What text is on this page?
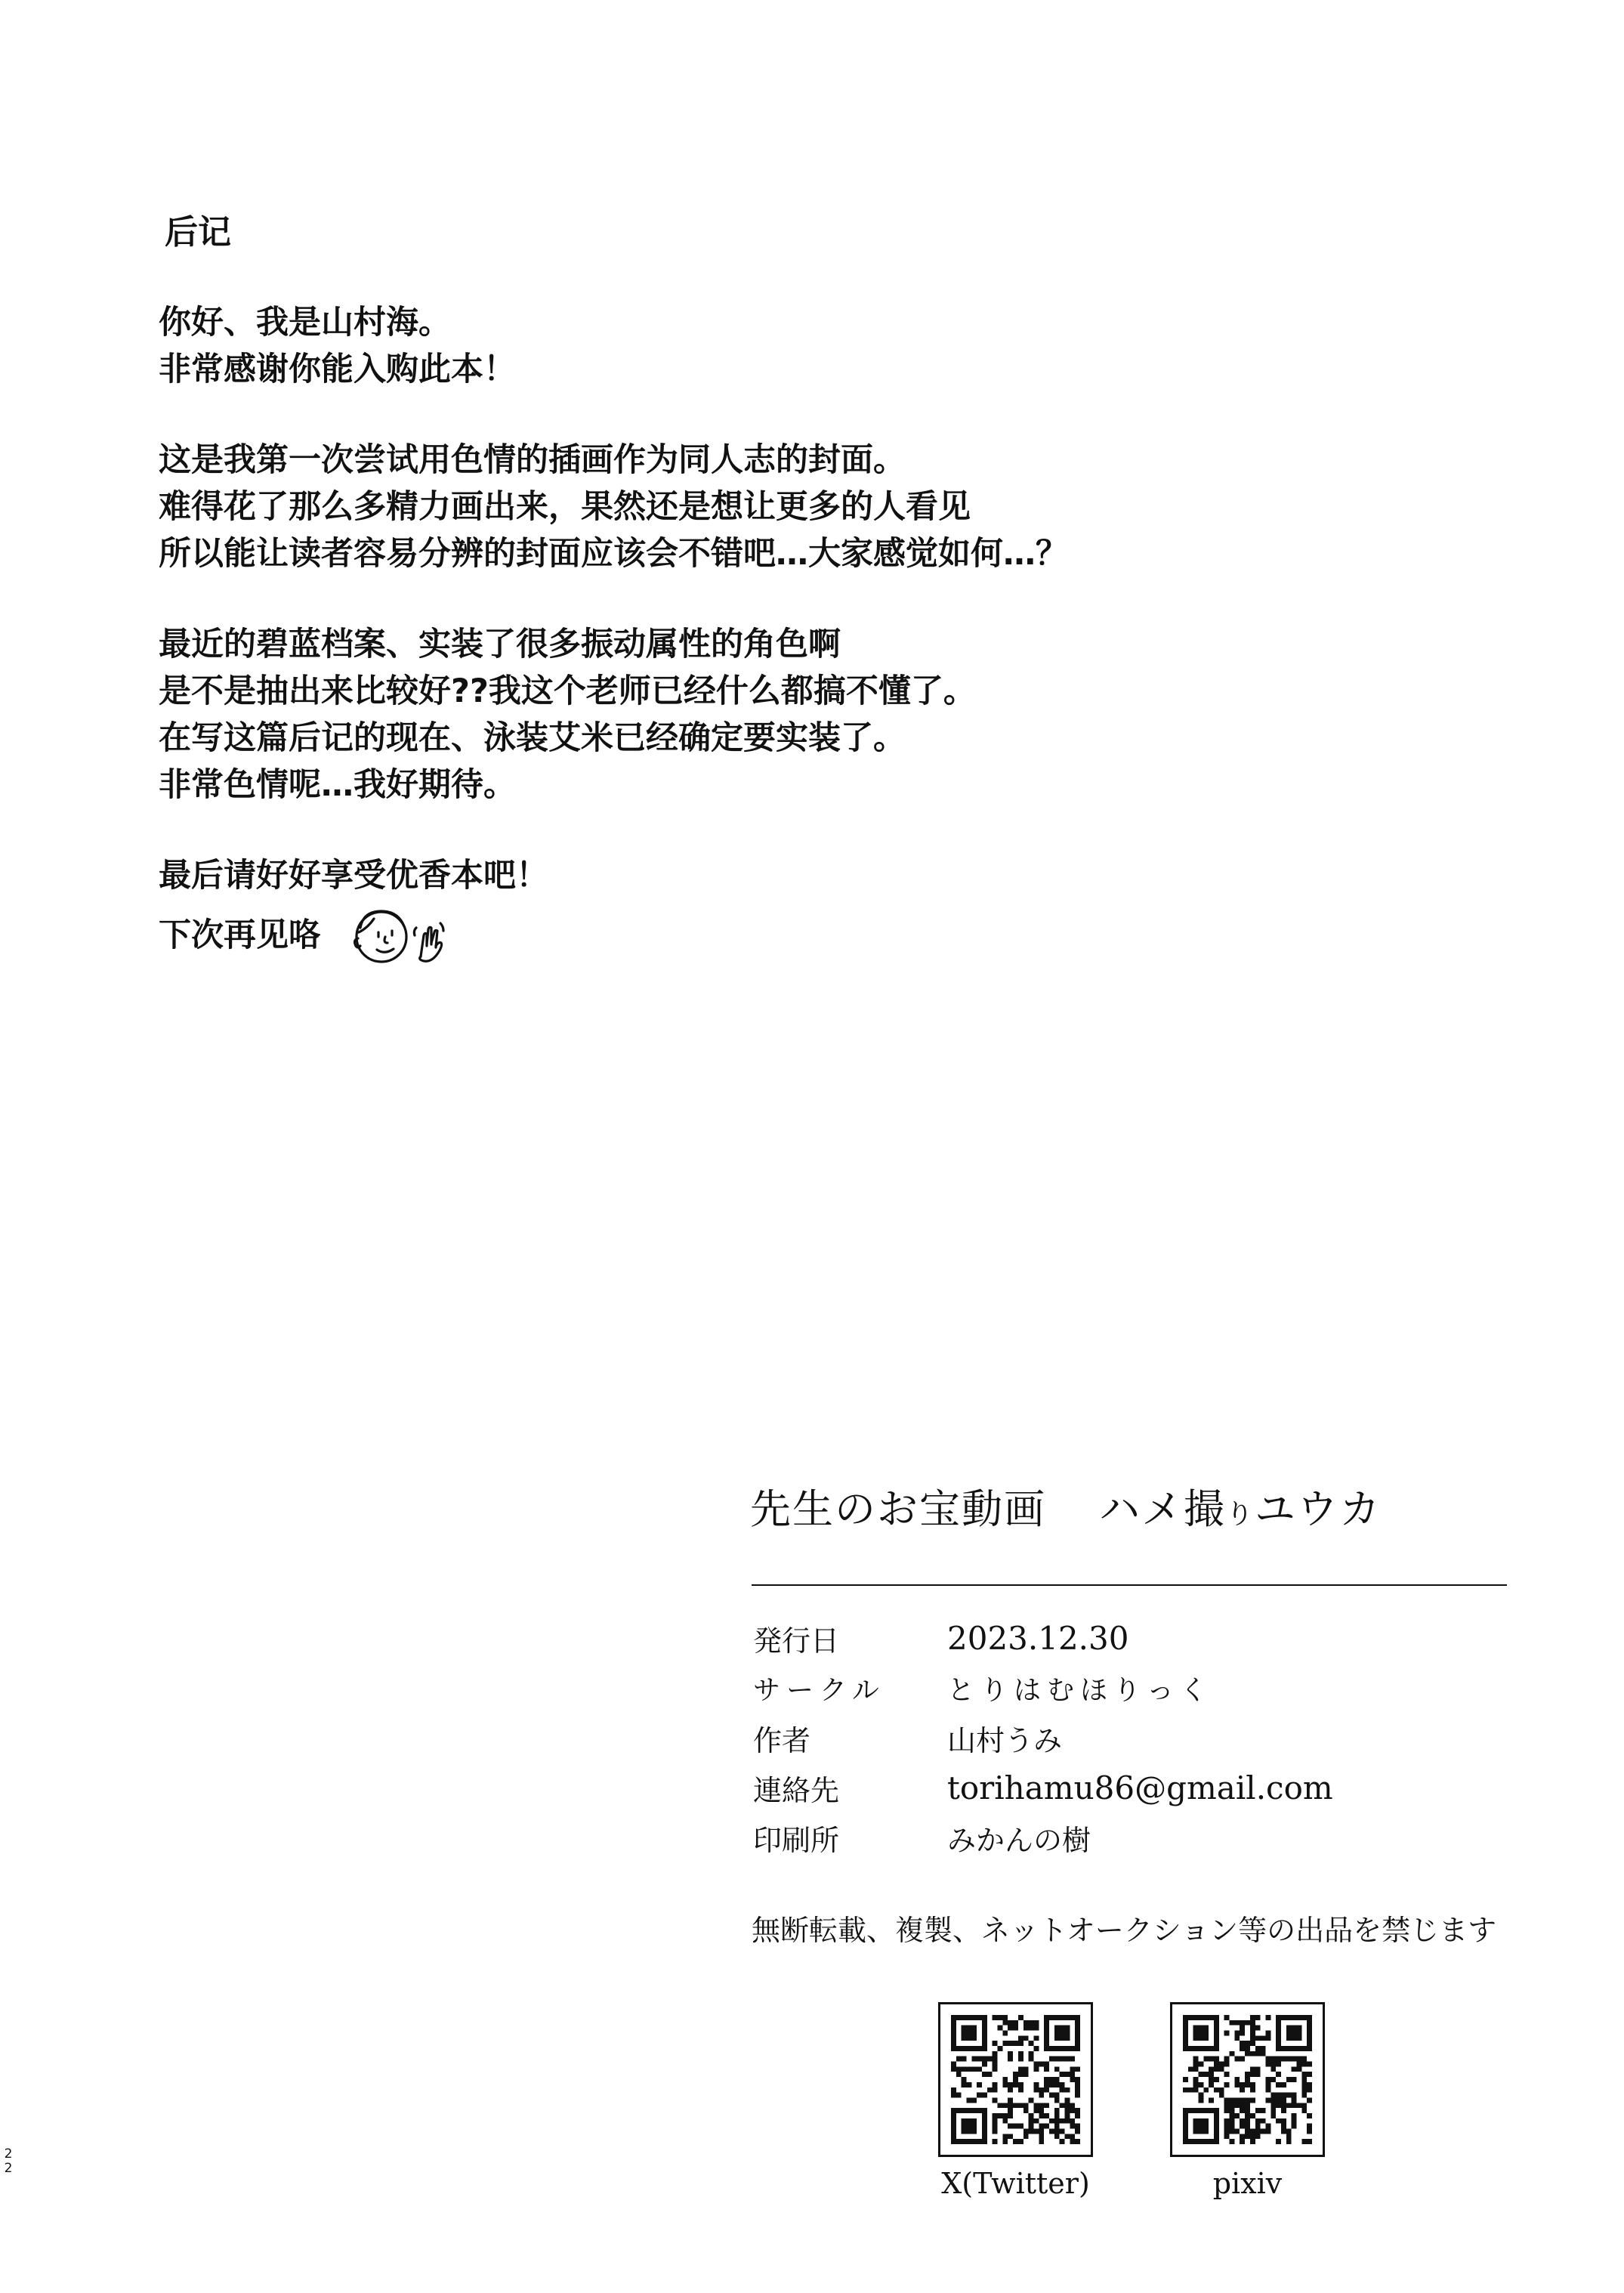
后记
你好、我是山村海。
非常感谢你能入购此本！
这是我第一次尝试用色情的插画作为同人志的封面。
难得花了那么多精力画出来，果然还是想让更多的人看见
所以能让读者容易分辨的封面应该会不错吧…大家感觉如何…？
最近的碧蓝档案、实装了很多振动属性的角色啊
是不是抽出来比较好??我这个老师已经什么都搞不懂了。
在写这篇后记的现在、泳装艾米已经确定要实装了。
非常色情呢…我好期待。
最后请好好享受优香本吧！
下次再见咯
先生のお宝動画 ハメ撮りユウカ
発行日	2023.12.30
サークル	とりはむほりっく
作者	山村うみ
連絡先	torihamu86@gmail.com
印刷所	みかんの樹
無断転載、複製、ネットオークション等の出品を禁じます
X(Twitter)	pixiv
2
2
